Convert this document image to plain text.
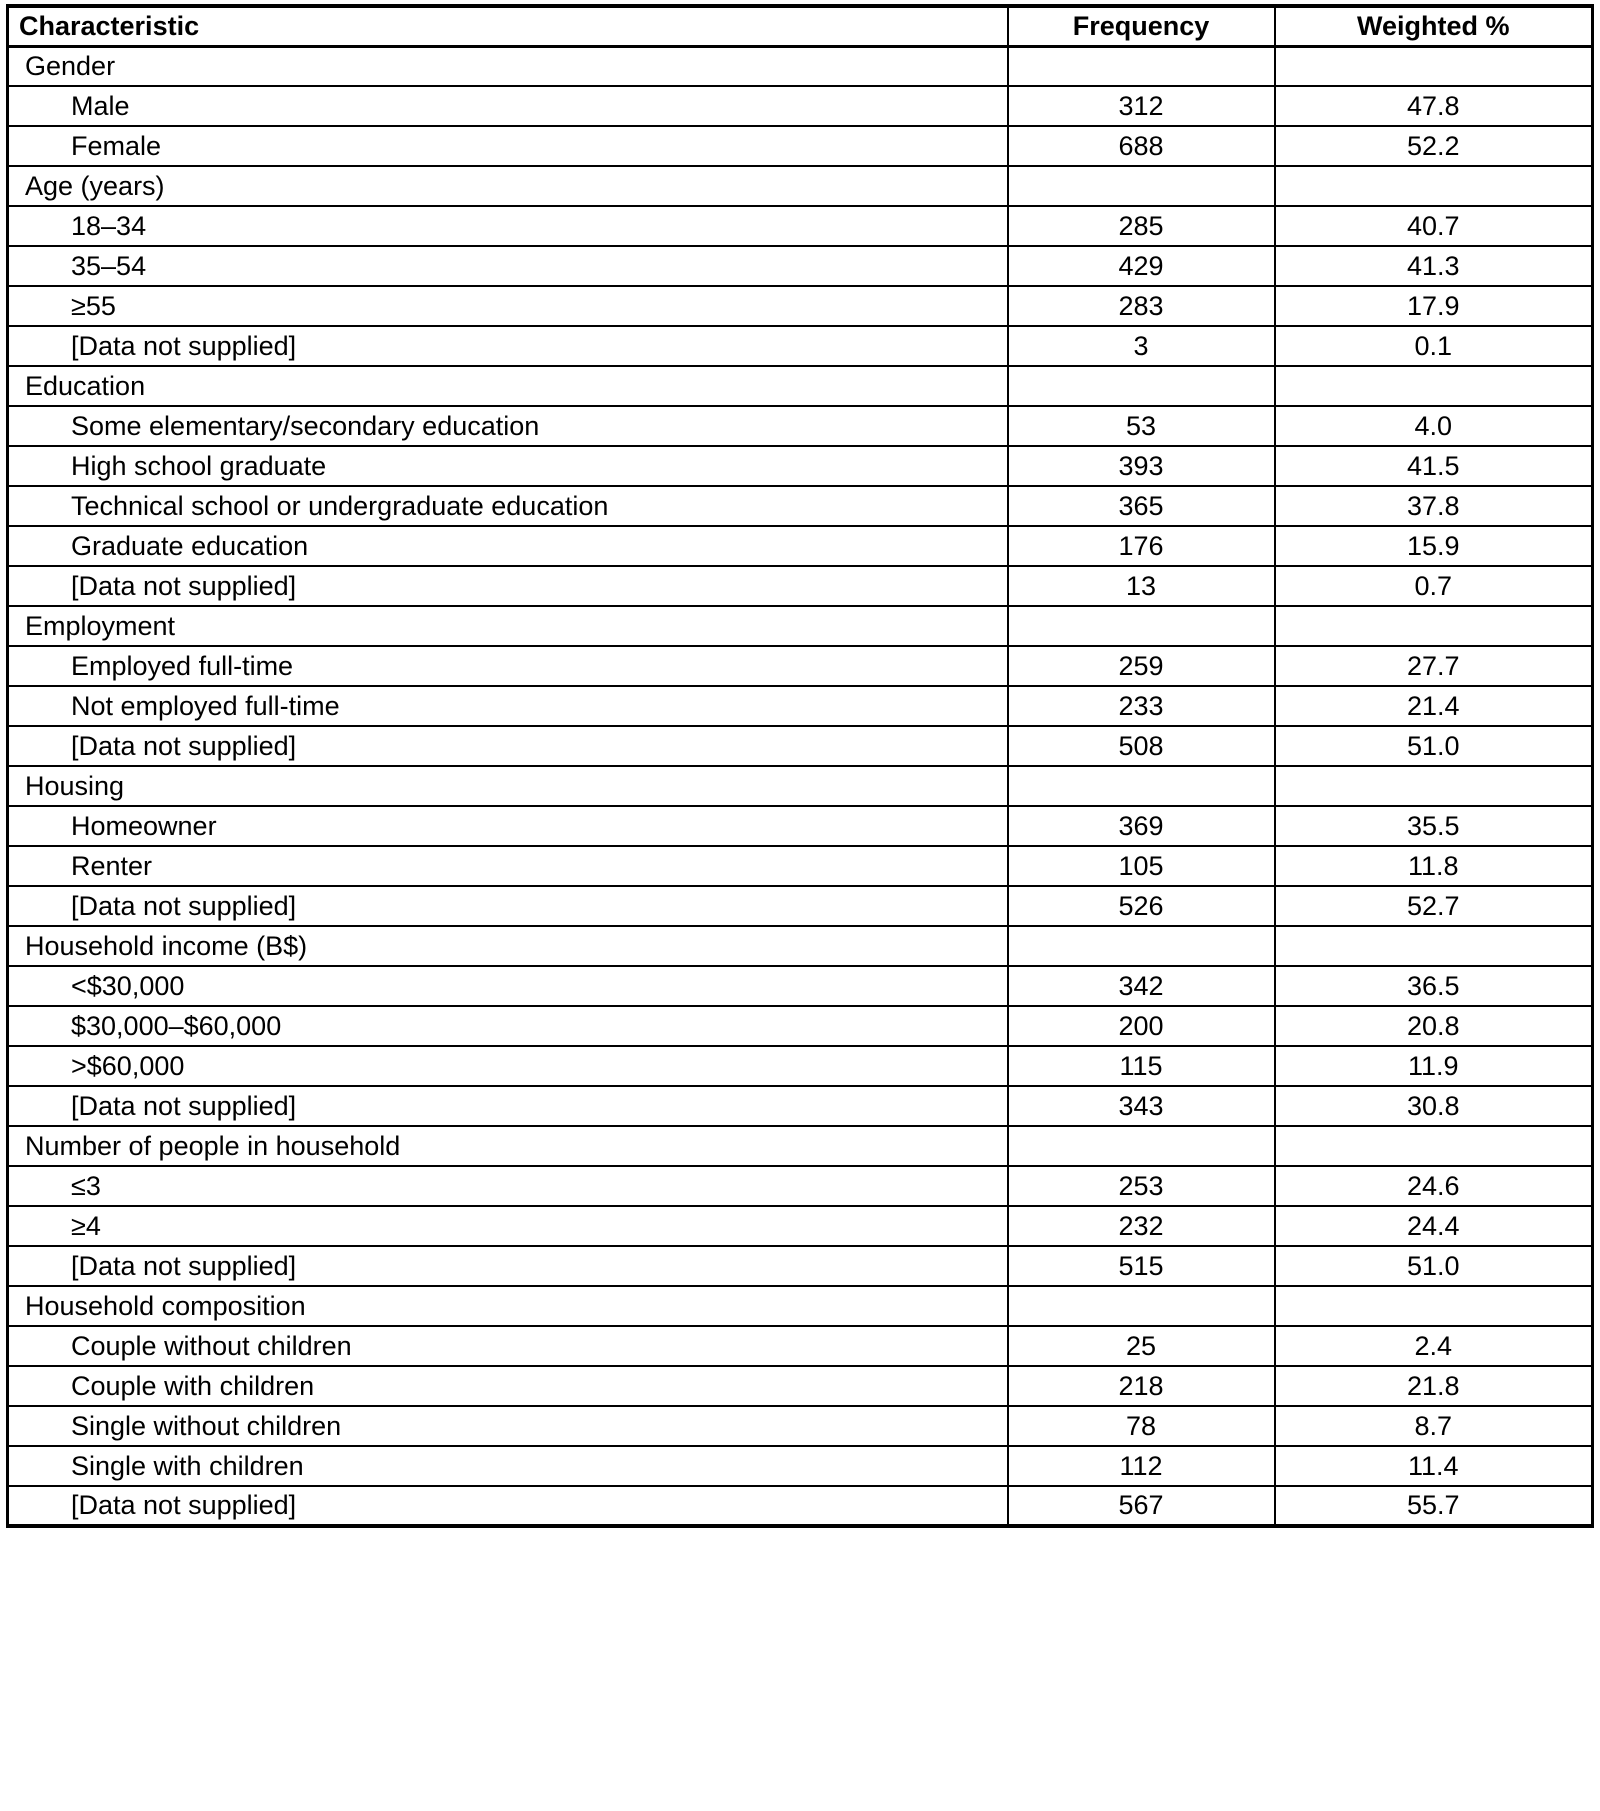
Characteristic	Frequency	Weighted %
Gender		
Male	312	47.8
Female	688	52.2
Age (years)		
18–34	285	40.7
35–54	429	41.3
≥55	283	17.9
[Data not supplied]	3	0.1
Education		
Some elementary/secondary education	53	4.0
High school graduate	393	41.5
Technical school or undergraduate education	365	37.8
Graduate education	176	15.9
[Data not supplied]	13	0.7
Employment		
Employed full-time	259	27.7
Not employed full-time	233	21.4
[Data not supplied]	508	51.0
Housing		
Homeowner	369	35.5
Renter	105	11.8
[Data not supplied]	526	52.7
Household income (B$)		
<$30,000	342	36.5
$30,000–$60,000	200	20.8
>$60,000	115	11.9
[Data not supplied]	343	30.8
Number of people in household		
≤3	253	24.6
≥4	232	24.4
[Data not supplied]	515	51.0
Household composition		
Couple without children	25	2.4
Couple with children	218	21.8
Single without children	78	8.7
Single with children	112	11.4
[Data not supplied]	567	55.7
